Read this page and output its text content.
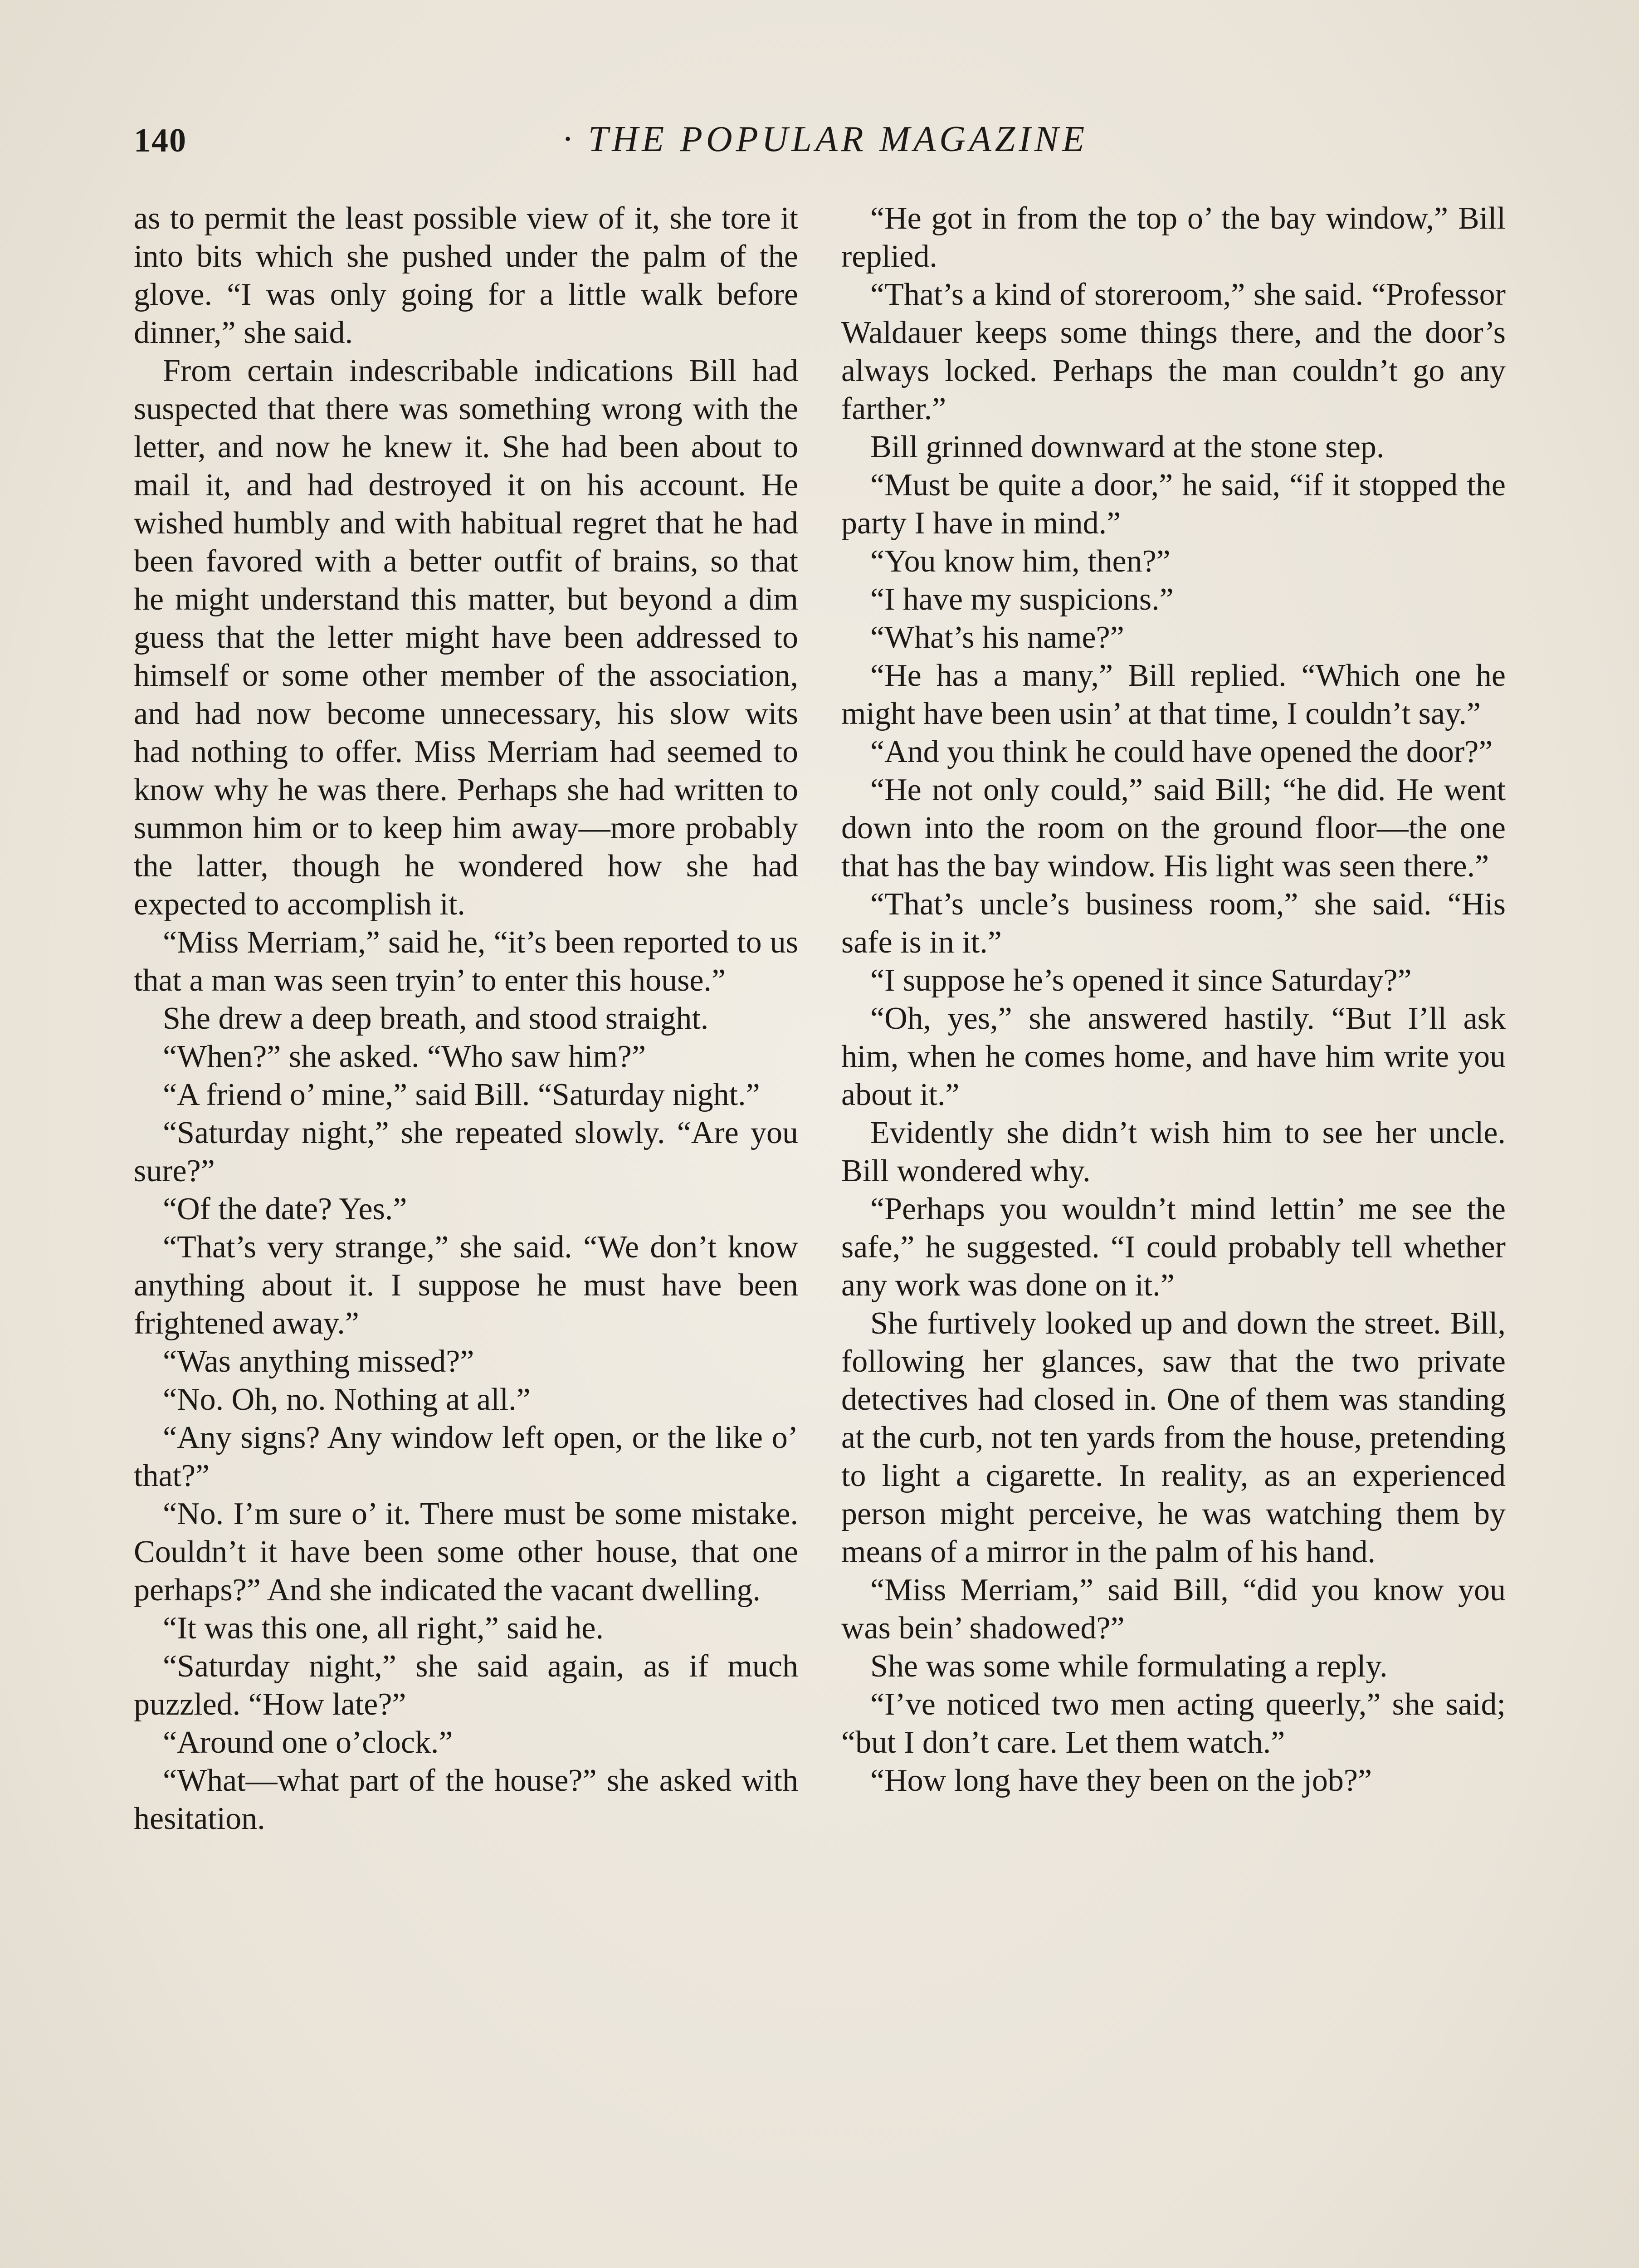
140	· THE POPULAR MAGAZINE

as to permit the least possible view of it, she tore it into bits which she pushed under the palm of the glove. “I was only going for a little walk before dinner,” she said.

From certain indescribable indications Bill had suspected that there was something wrong with the letter, and now he knew it. She had been about to mail it, and had destroyed it on his account. He wished humbly and with habitual regret that he had been favored with a better outfit of brains, so that he might understand this matter, but beyond a dim guess that the letter might have been addressed to himself or some other member of the association, and had now become unnecessary, his slow wits had nothing to offer. Miss Merriam had seemed to know why he was there. Perhaps she had written to summon him or to keep him away—more probably the latter, though he wondered how she had expected to accomplish it.

“Miss Merriam,” said he, “it’s been reported to us that a man was seen tryin’ to enter this house.”

She drew a deep breath, and stood straight.

“When?” she asked. “Who saw him?”

“A friend o’ mine,” said Bill. “Saturday night.”

“Saturday night,” she repeated slowly. “Are you sure?”

“Of the date? Yes.”

“That’s very strange,” she said. “We don’t know anything about it. I suppose he must have been frightened away.”

“Was anything missed?”

“No. Oh, no. Nothing at all.”

“Any signs? Any window left open, or the like o’ that?”

“No. I’m sure o’ it. There must be some mistake. Couldn’t it have been some other house, that one perhaps?” And she indicated the vacant dwelling.

“It was this one, all right,” said he.

“Saturday night,” she said again, as if much puzzled. “How late?”

“Around one o’clock.”

“What—what part of the house?” she asked with hesitation.

“He got in from the top o’ the bay window,” Bill replied.

“That’s a kind of storeroom,” she said. “Professor Waldauer keeps some things there, and the door’s always locked. Perhaps the man couldn’t go any farther.”

Bill grinned downward at the stone step.

“Must be quite a door,” he said, “if it stopped the party I have in mind.”

“You know him, then?”

“I have my suspicions.”

“What’s his name?”

“He has a many,” Bill replied. “Which one he might have been usin’ at that time, I couldn’t say.”

“And you think he could have opened the door?”

“He not only could,” said Bill; “he did. He went down into the room on the ground floor—the one that has the bay window. His light was seen there.”

“That’s uncle’s business room,” she said. “His safe is in it.”

“I suppose he’s opened it since Saturday?”

“Oh, yes,” she answered hastily. “But I’ll ask him, when he comes home, and have him write you about it.”

Evidently she didn’t wish him to see her uncle. Bill wondered why.

“Perhaps you wouldn’t mind lettin’ me see the safe,” he suggested. “I could probably tell whether any work was done on it.”

She furtively looked up and down the street. Bill, following her glances, saw that the two private detectives had closed in. One of them was standing at the curb, not ten yards from the house, pretending to light a cigarette. In reality, as an experienced person might perceive, he was watching them by means of a mirror in the palm of his hand.

“Miss Merriam,” said Bill, “did you know you was bein’ shadowed?”

She was some while formulating a reply.

“I’ve noticed two men acting queerly,” she said; “but I don’t care. Let them watch.”

“How long have they been on the job?”
